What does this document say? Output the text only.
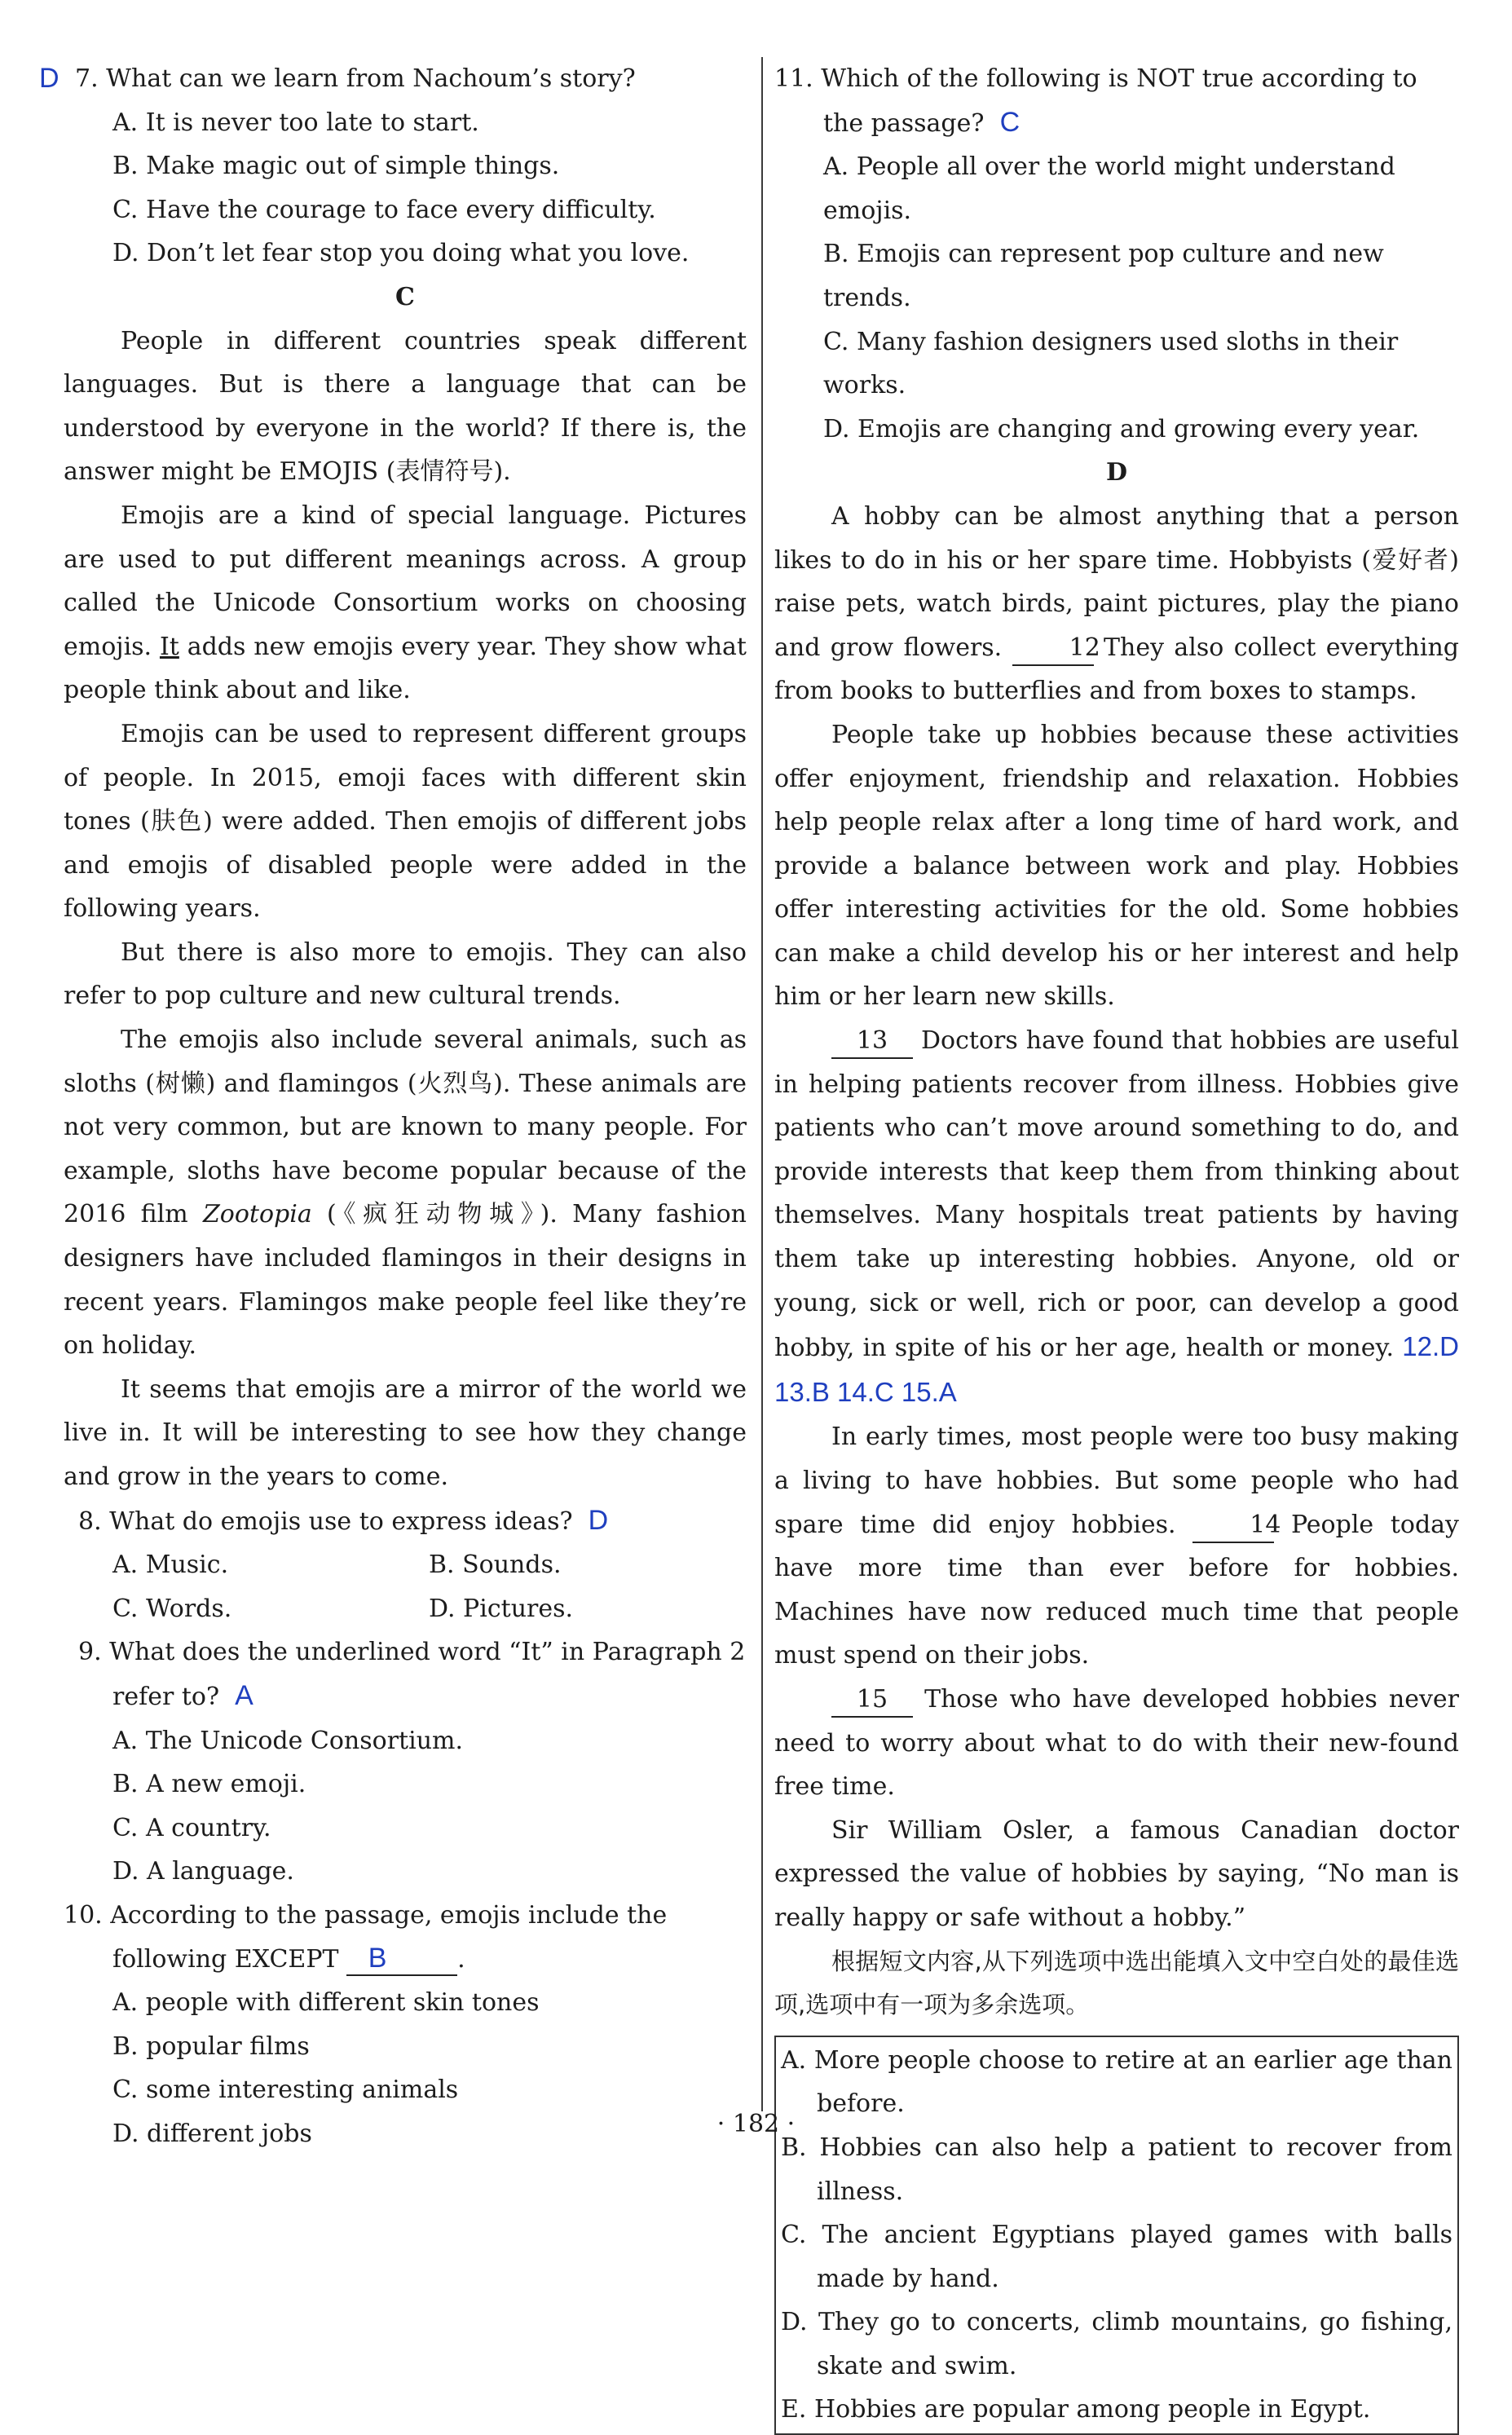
D 7. What can we learn from Nachoum’s story?

A. It is never too late to start.

B. Make magic out of simple things.

C. Have the courage to face every difficulty.

D. Don’t let fear stop you doing what you love.

C

People in different countries speak different languages. But is there a language that can be understood by everyone in the world? If there is, the answer might be EMOJIS (表情符号).

Emojis are a kind of special language. Pictures are used to put different meanings across. A group called the Unicode Consortium works on choosing emojis. It adds new emojis every year. They show what people think about and like.

Emojis can be used to represent different groups of people. In 2015, emoji faces with different skin tones (肤色) were added. Then emojis of different jobs and emojis of disabled people were added in the following years.

But there is also more to emojis. They can also refer to pop culture and new cultural trends.

The emojis also include several animals, such as sloths (树懒) and flamingos (火烈鸟). These animals are not very common, but are known to many people. For example, sloths have become popular because of the 2016 film Zootopia (《疯狂动物城》). Many fashion designers have included flamingos in their designs in recent years. Flamingos make people feel like they’re on holiday.

It seems that emojis are a mirror of the world we live in. It will be interesting to see how they change and grow in the years to come.

8. What do emojis use to express ideas? D

A. Music.	B. Sounds.
C. Words.	D. Pictures.

9. What does the underlined word “It” in Paragraph 2 refer to? A

A. The Unicode Consortium.

B. A new emoji.

C. A country.

D. A language.

10. According to the passage, emojis include the following EXCEPT B	.

A. people with different skin tones

B. popular films

C. some interesting animals

D. different jobs

11. Which of the following is NOT true according to the passage? C

A. People all over the world might understand emojis.

B. Emojis can represent pop culture and new trends.

C. Many fashion designers used sloths in their works.

D. Emojis are changing and growing every year.

D

A hobby can be almost anything that a person likes to do in his or her spare time. Hobbyists (爱好者) raise pets, watch birds, paint pictures, play the piano and grow flowers.	12 They also collect everything from books to butterflies and from boxes to stamps.

People take up hobbies because these activities offer enjoyment, friendship and relaxation. Hobbies help people relax after a long time of hard work, and provide a balance between work and play. Hobbies offer interesting activities for the old. Some hobbies can make a child develop his or her interest and help him or her learn new skills.

13 Doctors have found that hobbies are useful in helping patients recover from illness. Hobbies give patients who can’t move around something to do, and provide interests that keep them from thinking about themselves. Many hospitals treat patients by having them take up interesting hobbies. Anyone, old or young, sick or well, rich or poor, can develop a good hobby, in spite of his or her age, health or money. 12.D 13.B 14.C 15.A

In early times, most people were too busy making a living to have hobbies. But some people who had spare time did enjoy hobbies.	14 People today have more time than ever before for hobbies. Machines have now reduced much time that people must spend on their jobs.

15 Those who have developed hobbies never need to worry about what to do with their new-found free time.

Sir William Osler, a famous Canadian doctor expressed the value of hobbies by saying, “No man is really happy or safe without a hobby.”

根据短文内容,从下列选项中选出能填入文中空白处的最佳选项,选项中有一项为多余选项。

A. More people choose to retire at an earlier age than before.

B. Hobbies can also help a patient to recover from illness.

C. The ancient Egyptians played games with balls made by hand.

D. They go to concerts, climb mountains, go fishing, skate and swim.

E. Hobbies are popular among people in Egypt.

· 182 ·
